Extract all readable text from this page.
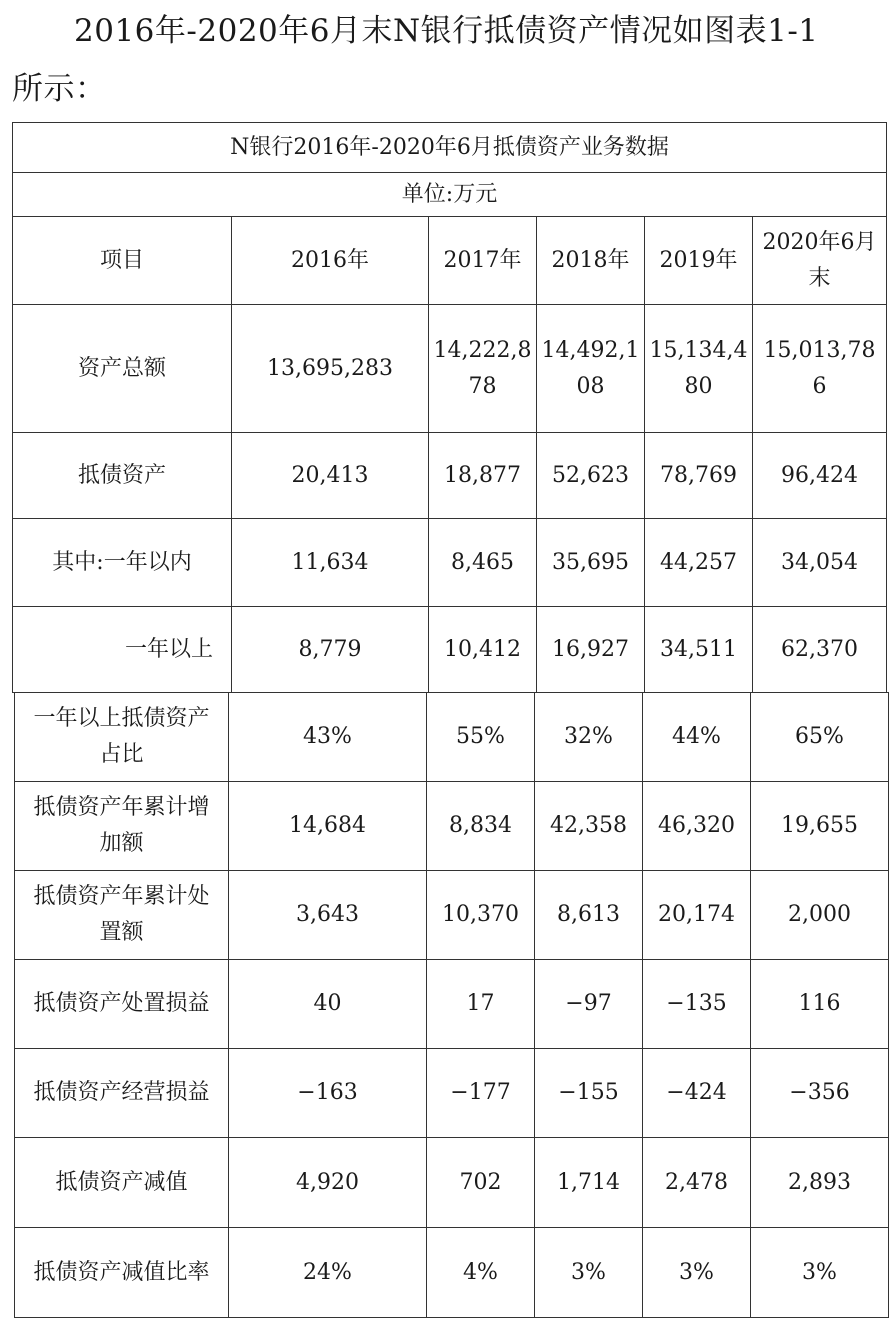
2016年-2020年6月末N银行抵债资产情况如图表1-1
所示：
N银行2016年-2020年6月抵债资产业务数据					
单位:万元					
项目	2016年	2017年	2018年	2019年	2020年6月末
资产总额	13,695,283	14,222,878	14,492,108	15,134,480	15,013,786
抵债资产	20,413	18,877	52,623	78,769	96,424
其中:一年以内	11,634	8,465	35,695	44,257	34,054
一年以上	8,779	10,412	16,927	34,511	62,370
一年以上抵债资产占比	43%	55%	32%	44%	65%
抵债资产年累计增加额	14,684	8,834	42,358	46,320	19,655
抵债资产年累计处置额	3,643	10,370	8,613	20,174	2,000
抵债资产处置损益	40	17	−97	−135	116
抵债资产经营损益	−163	−177	−155	−424	−356
抵债资产减值	4,920	702	1,714	2,478	2,893
抵债资产减值比率	24%	4%	3%	3%	3%
